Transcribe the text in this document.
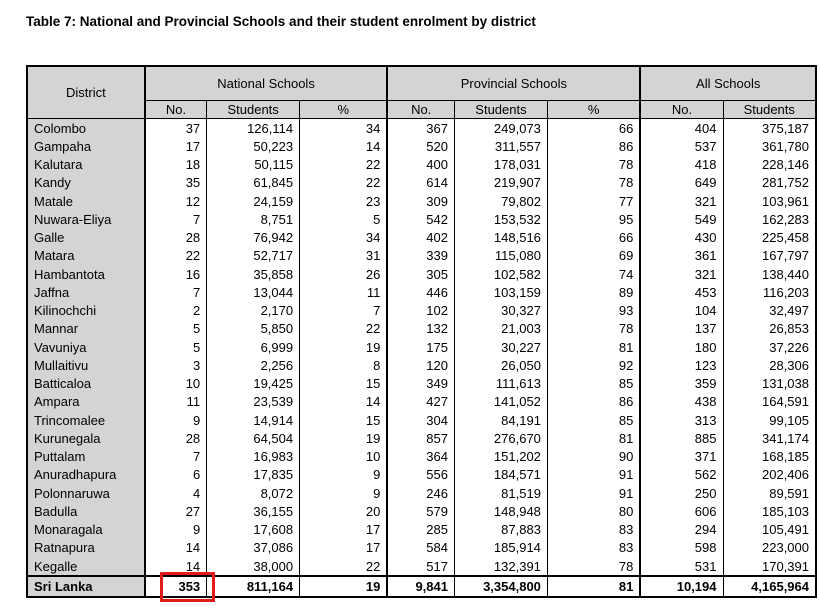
Table 7: National and Provincial Schools and their student enrolment by district
District	National Schools			Provincial Schools			All Schools	
	No.	Students	%	No.	Students	%	No.	Students
Colombo	37	126,114	34	367	249,073	66	404	375,187
Gampaha	17	50,223	14	520	311,557	86	537	361,780
Kalutara	18	50,115	22	400	178,031	78	418	228,146
Kandy	35	61,845	22	614	219,907	78	649	281,752
Matale	12	24,159	23	309	79,802	77	321	103,961
Nuwara-Eliya	7	8,751	5	542	153,532	95	549	162,283
Galle	28	76,942	34	402	148,516	66	430	225,458
Matara	22	52,717	31	339	115,080	69	361	167,797
Hambantota	16	35,858	26	305	102,582	74	321	138,440
Jaffna	7	13,044	11	446	103,159	89	453	116,203
Kilinochchi	2	2,170	7	102	30,327	93	104	32,497
Mannar	5	5,850	22	132	21,003	78	137	26,853
Vavuniya	5	6,999	19	175	30,227	81	180	37,226
Mullaitivu	3	2,256	8	120	26,050	92	123	28,306
Batticaloa	10	19,425	15	349	111,613	85	359	131,038
Ampara	11	23,539	14	427	141,052	86	438	164,591
Trincomalee	9	14,914	15	304	84,191	85	313	99,105
Kurunegala	28	64,504	19	857	276,670	81	885	341,174
Puttalam	7	16,983	10	364	151,202	90	371	168,185
Anuradhapura	6	17,835	9	556	184,571	91	562	202,406
Polonnaruwa	4	8,072	9	246	81,519	91	250	89,591
Badulla	27	36,155	20	579	148,948	80	606	185,103
Monaragala	9	17,608	17	285	87,883	83	294	105,491
Ratnapura	14	37,086	17	584	185,914	83	598	223,000
Kegalle	14	38,000	22	517	132,391	78	531	170,391
Sri Lanka	353	811,164	19	9,841	3,354,800	81	10,194	4,165,964
